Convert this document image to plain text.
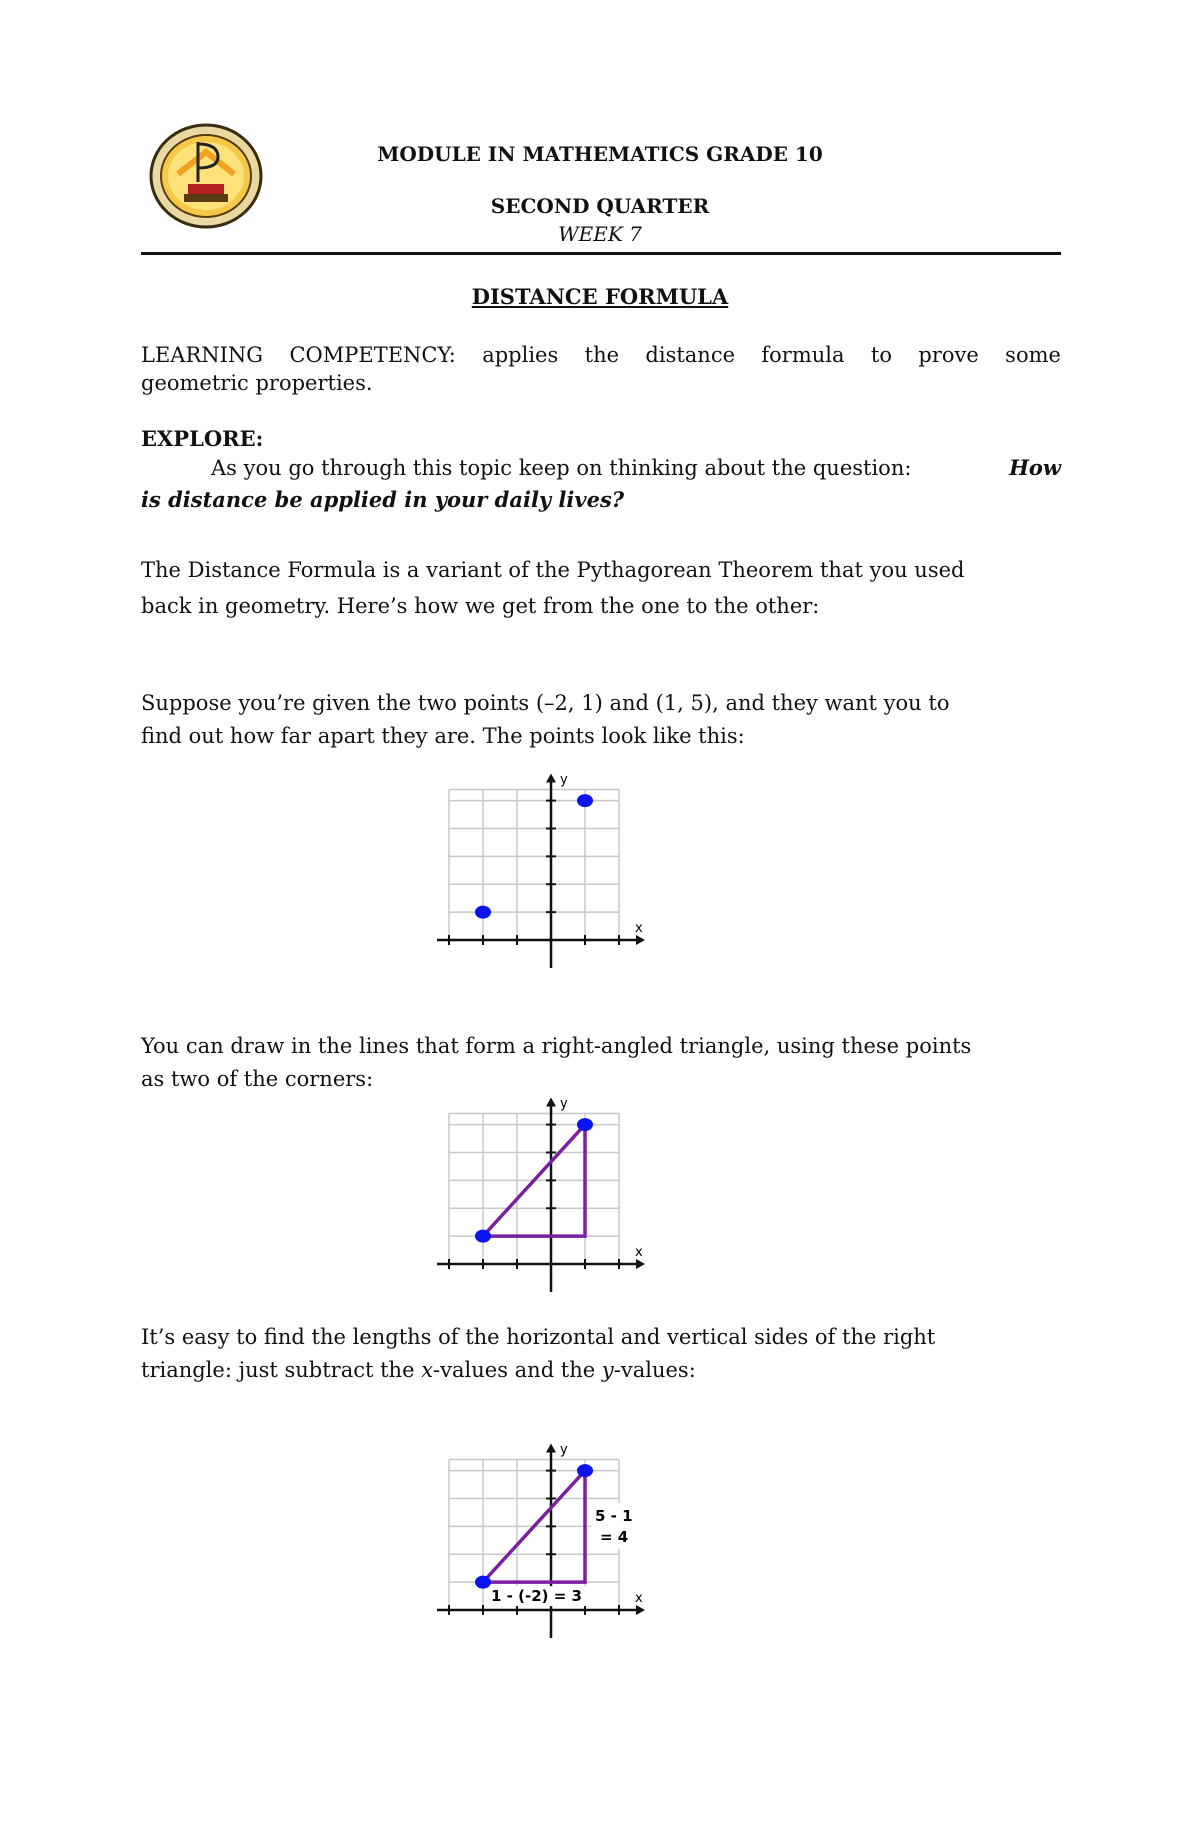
MODULE IN MATHEMATICS GRADE 10
SECOND QUARTER
WEEK 7
DISTANCE FORMULA
LEARNING COMPETENCY: applies the distance formula to prove some
geometric properties.
EXPLORE:
As you go through this topic keep on thinking about the question:	How
is distance be applied in your daily lives?
The Distance Formula is a variant of the Pythagorean Theorem that you used
back in geometry. Here’s how we get from the one to the other:
Suppose you’re given the two points (–2, 1) and (1, 5), and they want you to
find out how far apart they are. The points look like this:
x
y
You can draw in the lines that form a right-angled triangle, using these points
as two of the corners:
x
y
It’s easy to find the lengths of the horizontal and vertical sides of the right
triangle: just subtract the x-values and the y-values:
x
y
5 - 1
= 4
1 - (-2) = 3
